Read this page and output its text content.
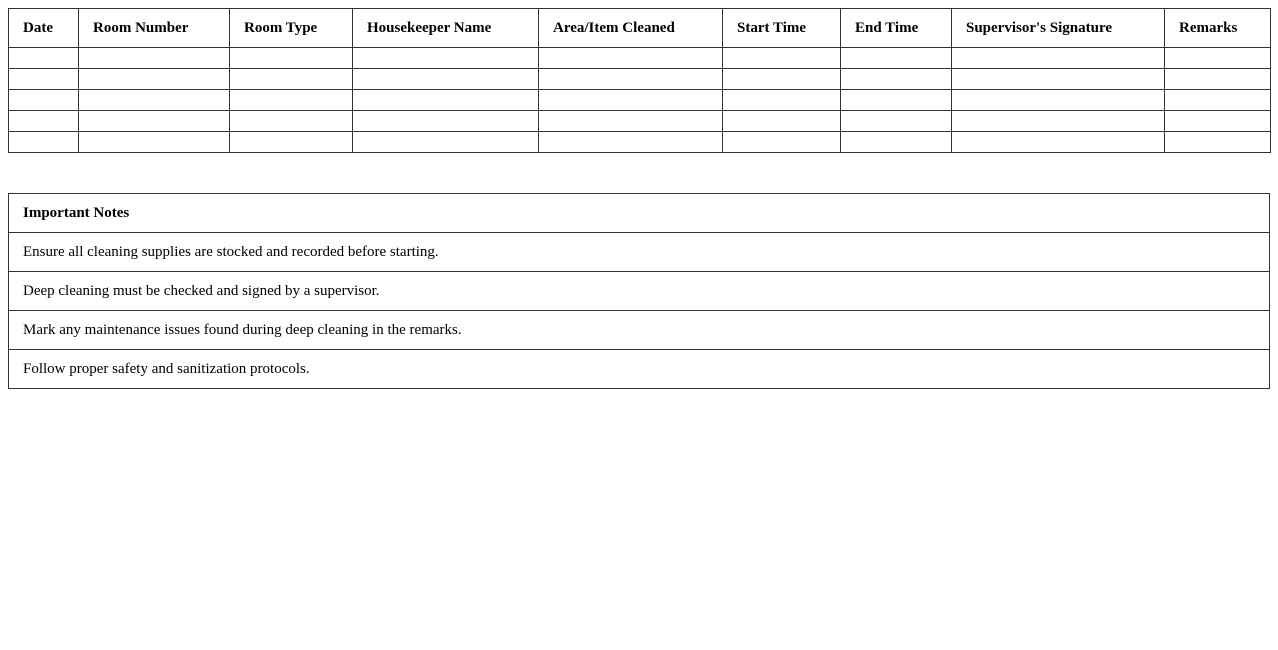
Date	Room Number	Room Type	Housekeeper Name	Area/Item Cleaned	Start Time	End Time	Supervisor's Signature	Remarks

Important Notes
Ensure all cleaning supplies are stocked and recorded before starting.
Deep cleaning must be checked and signed by a supervisor.
Mark any maintenance issues found during deep cleaning in the remarks.
Follow proper safety and sanitization protocols.
